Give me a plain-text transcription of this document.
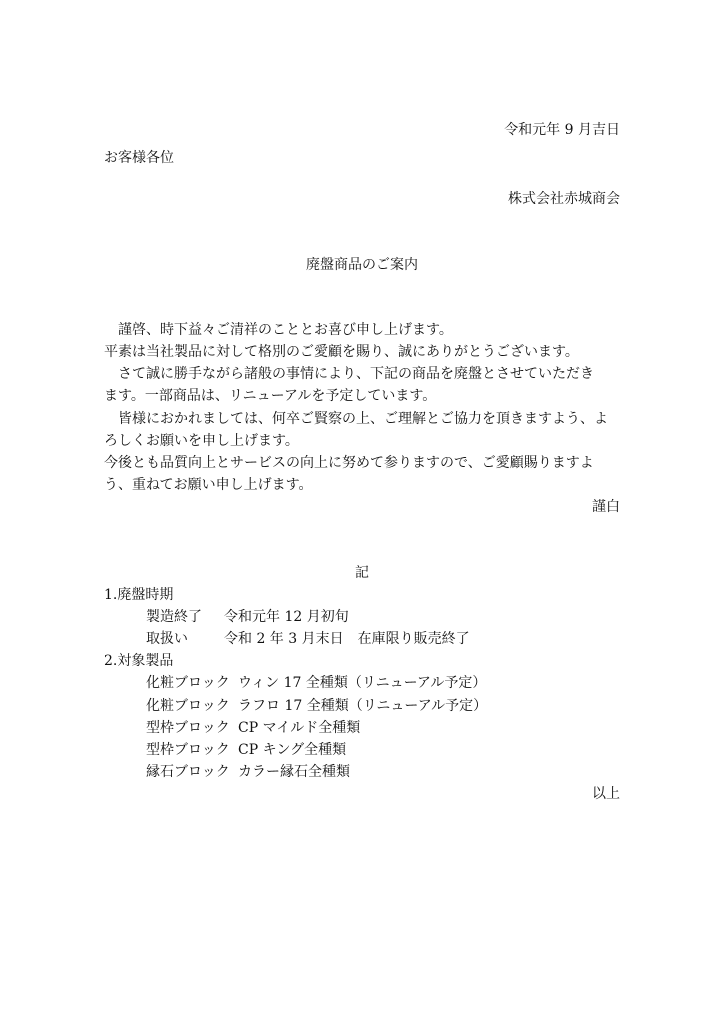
令和元年 9 月吉日
お客様各位
株式会社赤城商会
廃盤商品のご案内
謹啓、時下益々ご清祥のこととお喜び申し上げます。
平素は当社製品に対して格別のご愛顧を賜り、誠にありがとうございます。
さて誠に勝手ながら諸般の事情により、下記の商品を廃盤とさせていただき
ます。一部商品は、リニューアルを予定しています。
皆様におかれましては、何卒ご賢察の上、ご理解とご協力を頂きますよう、よ
ろしくお願いを申し上げます。
今後とも品質向上とサービスの向上に努めて参りますので、ご愛顧賜りますよ
う、重ねてお願い申し上げます。
謹白
記
1.廃盤時期
製造終了 令和元年 12 月初旬
取扱い	令和 2 年 3 月末日　在庫限り販売終了
2.対象製品
化粧ブロック ウィン 17 全種類（リニューアル予定）
化粧ブロック ラフロ 17 全種類（リニューアル予定）
型枠ブロック CP マイルド全種類
型枠ブロック CP キング全種類
縁石ブロック カラー縁石全種類
以上
